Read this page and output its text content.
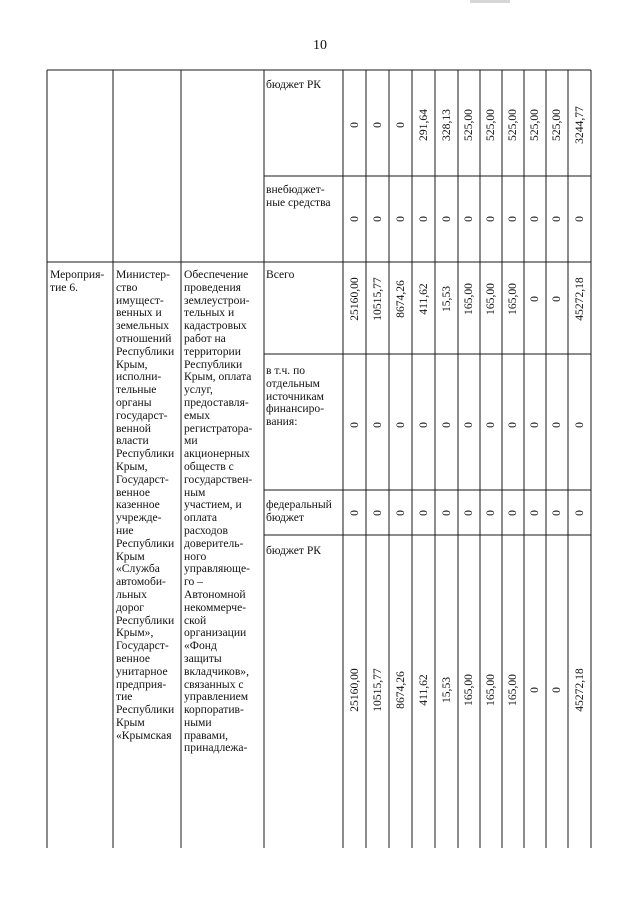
10
бюджет РК
внебюджет-
ные средства
Мероприя-
тие 6.
Министер-
ство
имущест-
венных и
земельных
отношений
Республики
Крым,
исполни-
тельные
органы
государст-
венной
власти
Республики
Крым,
Государст-
венное
казенное
учрежде-
ние
Республики
Крым
«Служба
автомоби-
льных
дорог
Республики
Крым»,
Государст-
венное
унитарное
предприя-
тие
Республики
Крым
«Крымская
Обеспечение
проведения
землеустрои-
тельных и
кадастровых
работ на
территории
Республики
Крым, оплата
услуг,
предоставля-
емых
регистратора-
ми
акционерных
обществ с
государствен-
ным
участием, и
оплата
расходов
доверитель-
ного
управляюще-
го –
Автономной
некоммерче-
ской
организации
«Фонд
защиты
вкладчиков»,
связанных с
управлением
корпоратив-
ными
правами,
принадлежа-
Всего
в т.ч. по
отдельным
источникам
финансиро-
вания:
федеральный
бюджет
бюджет РК
0 0 0 291,64 328,13 525,00 525,00 525,00 525,00 525,00 3244,77
0 0 0 0 0 0 0 0 0 0 0
25160,00 10515,77 8674,26 411,62 15,53 165,00 165,00 165,00 0 0 45272,18
0 0 0 0 0 0 0 0 0 0 0
0 0 0 0 0 0 0 0 0 0 0
25160,00 10515,77 8674,26 411,62 15,53 165,00 165,00 165,00 0 0 45272,18
